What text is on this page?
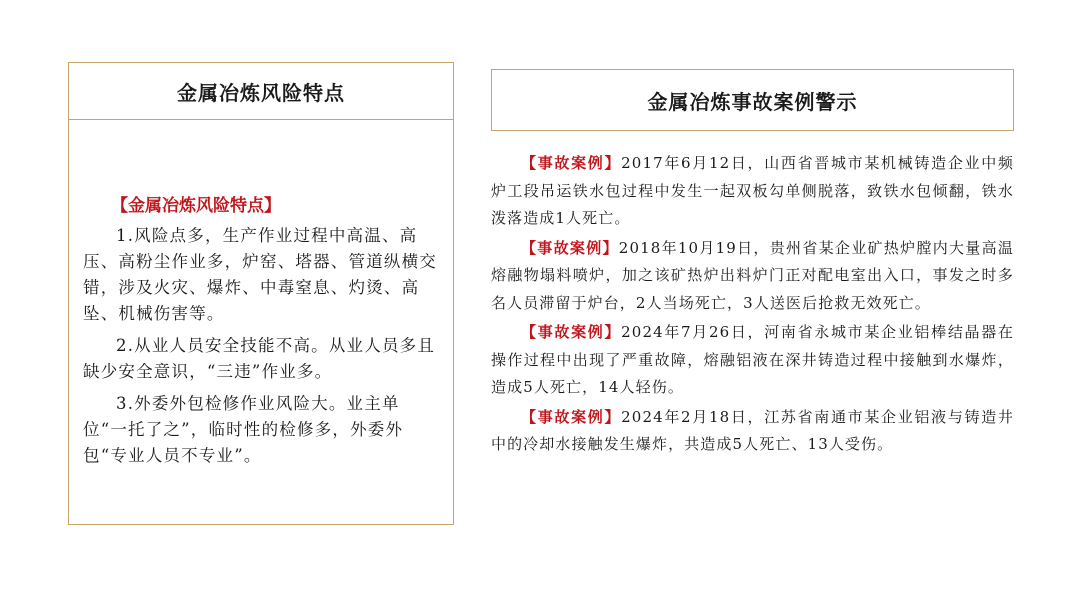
金属冶炼风险特点
【金属冶炼风险特点】

1.风险点多，生产作业过程中高温、高压、高粉尘作业多，炉窑、塔器、管道纵横交错，涉及火灾、爆炸、中毒窒息、灼烫、高坠、机械伤害等。

2.从业人员安全技能不高。从业人员多且缺少安全意识，“三违”作业多。

3.外委外包检修作业风险大。业主单位“一托了之”，临时性的检修多，外委外包“专业人员不专业”。

金属冶炼事故案例警示

【事故案例】2017年6月12日，山西省晋城市某机械铸造企业中频炉工段吊运铁水包过程中发生一起双板勾单侧脱落，致铁水包倾翻，铁水泼落造成1人死亡。

【事故案例】2018年10月19日，贵州省某企业矿热炉膛内大量高温熔融物塌料喷炉，加之该矿热炉出料炉门正对配电室出入口，事发之时多名人员滞留于炉台，2人当场死亡，3人送医后抢救无效死亡。

【事故案例】2024年7月26日，河南省永城市某企业铝棒结晶器在操作过程中出现了严重故障，熔融铝液在深井铸造过程中接触到水爆炸，造成5人死亡，14人轻伤。

【事故案例】2024年2月18日，江苏省南通市某企业铝液与铸造井中的冷却水接触发生爆炸，共造成5人死亡、13人受伤。
